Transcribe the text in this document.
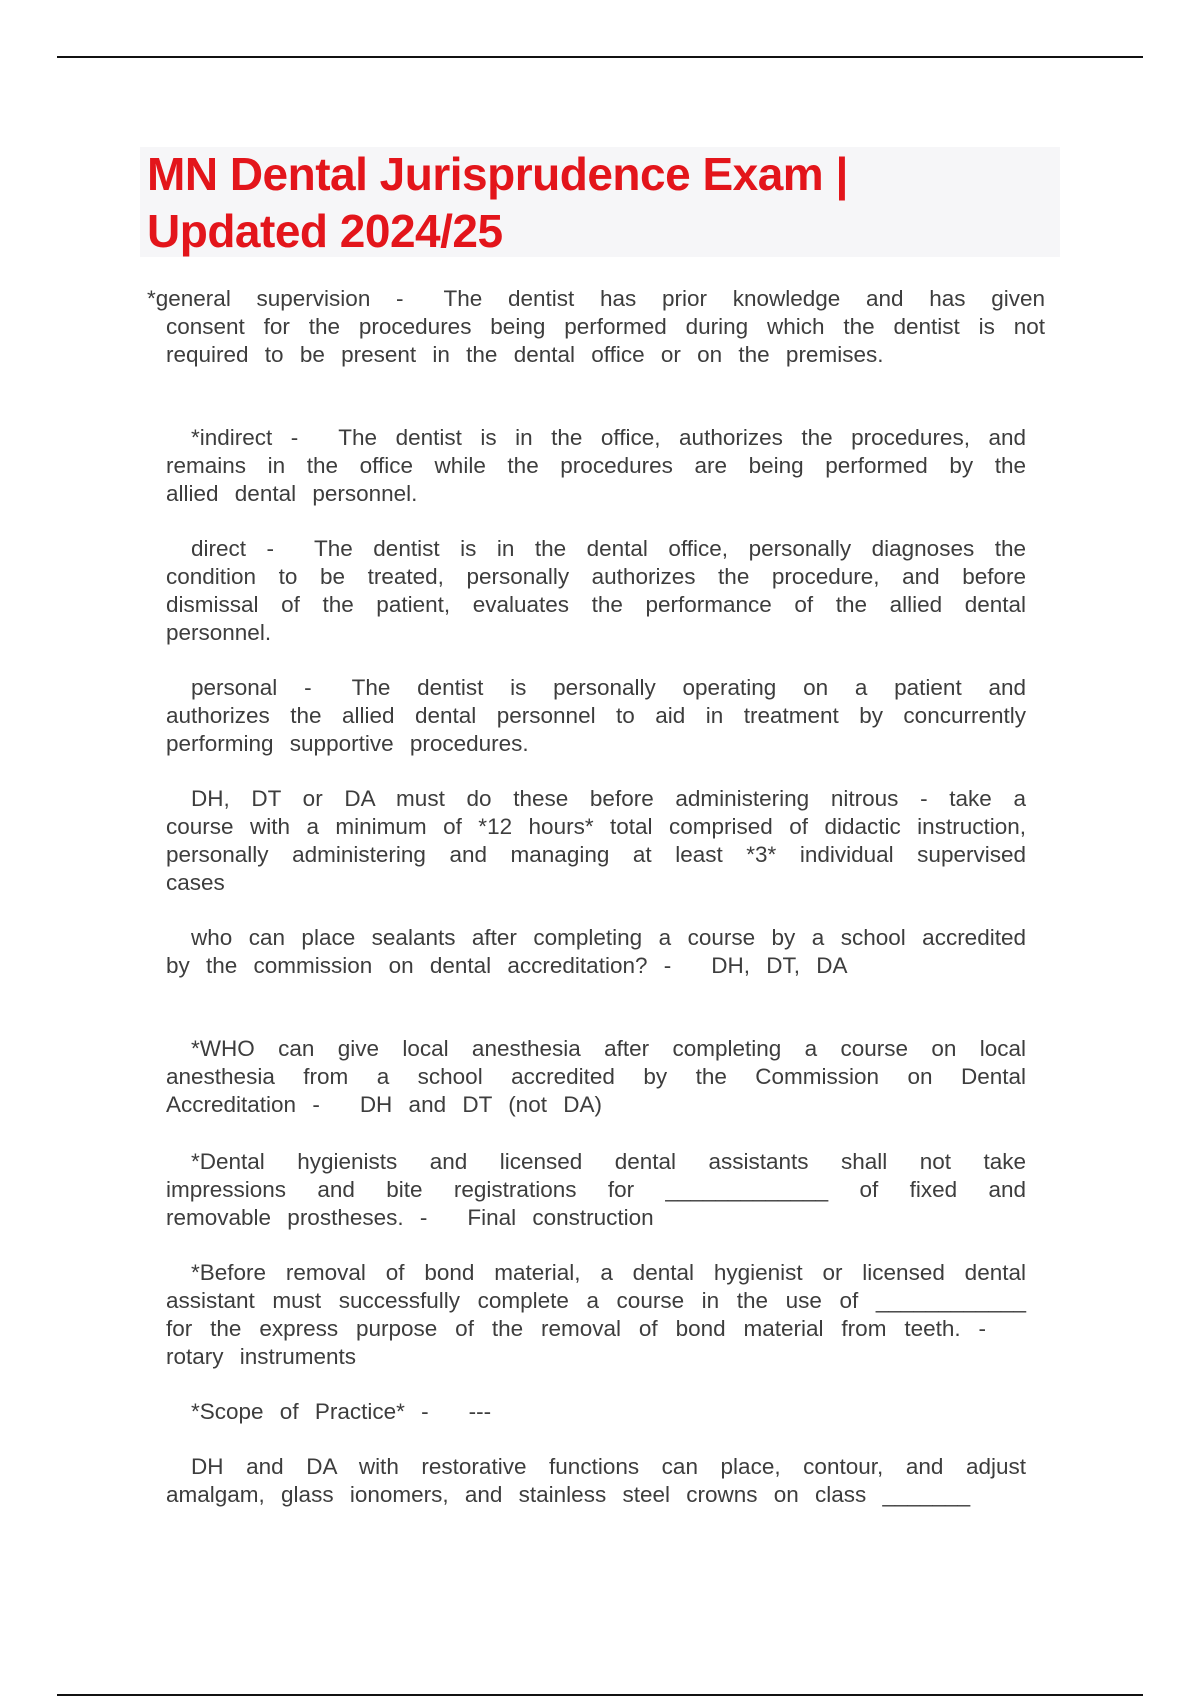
MN Dental Jurisprudence Exam |
Updated 2024/25
*general supervision - The dentist has prior knowledge and has given consent for the procedures being performed during which the dentist is not required to be present in the dental office or on the premises.
*indirect - The dentist is in the office, authorizes the procedures, and remains in the office while the procedures are being performed by the allied dental personnel.
direct - The dentist is in the dental office, personally diagnoses the condition to be treated, personally authorizes the procedure, and before dismissal of the patient, evaluates the performance of the allied dental personnel.
personal - The dentist is personally operating on a patient and authorizes the allied dental personnel to aid in treatment by concurrently performing supportive procedures.
DH, DT or DA must do these before administering nitrous - take a course with a minimum of *12 hours* total comprised of didactic instruction, personally administering and managing at least *3* individual supervised cases
who can place sealants after completing a course by a school accredited by the commission on dental accreditation? - DH, DT, DA
*WHO can give local anesthesia after completing a course on local anesthesia from a school accredited by the Commission on Dental Accreditation - DH and DT (not DA)
*Dental hygienists and licensed dental assistants shall not take impressions and bite registrations for _____________ of fixed and removable prostheses. - Final construction
*Before removal of bond material, a dental hygienist or licensed dental assistant must successfully complete a course in the use of ____________ for the express purpose of the removal of bond material from teeth. -rotary instruments
*Scope of Practice* - ---
DH and DA with restorative functions can place, contour, and adjust amalgam, glass ionomers, and stainless steel crowns on class _______
